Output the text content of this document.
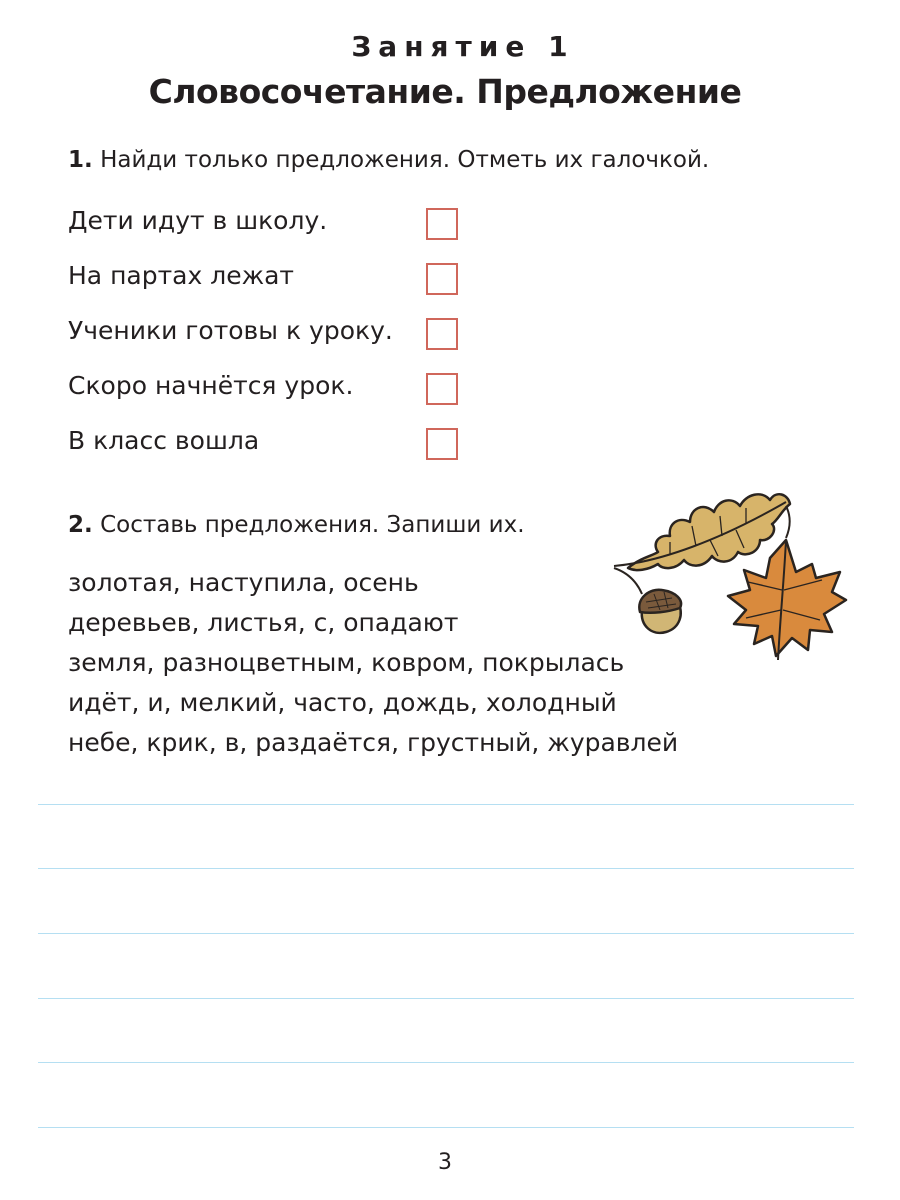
Занятие 1
Словосочетание. Предложение
1. Найди только предложения. Отметь их галочкой.
Дети идут в школу.
На партах лежат
Ученики готовы к уроку.
Скоро начнётся урок.
В класс вошла
2. Составь предложения. Запиши их.
золотая, наступила, осень
деревьев, листья, с, опадают
земля, разноцветным, ковром, покрылась
идёт, и, мелкий, часто, дождь, холодный
небе, крик, в, раздаётся, грустный, журавлей
3
